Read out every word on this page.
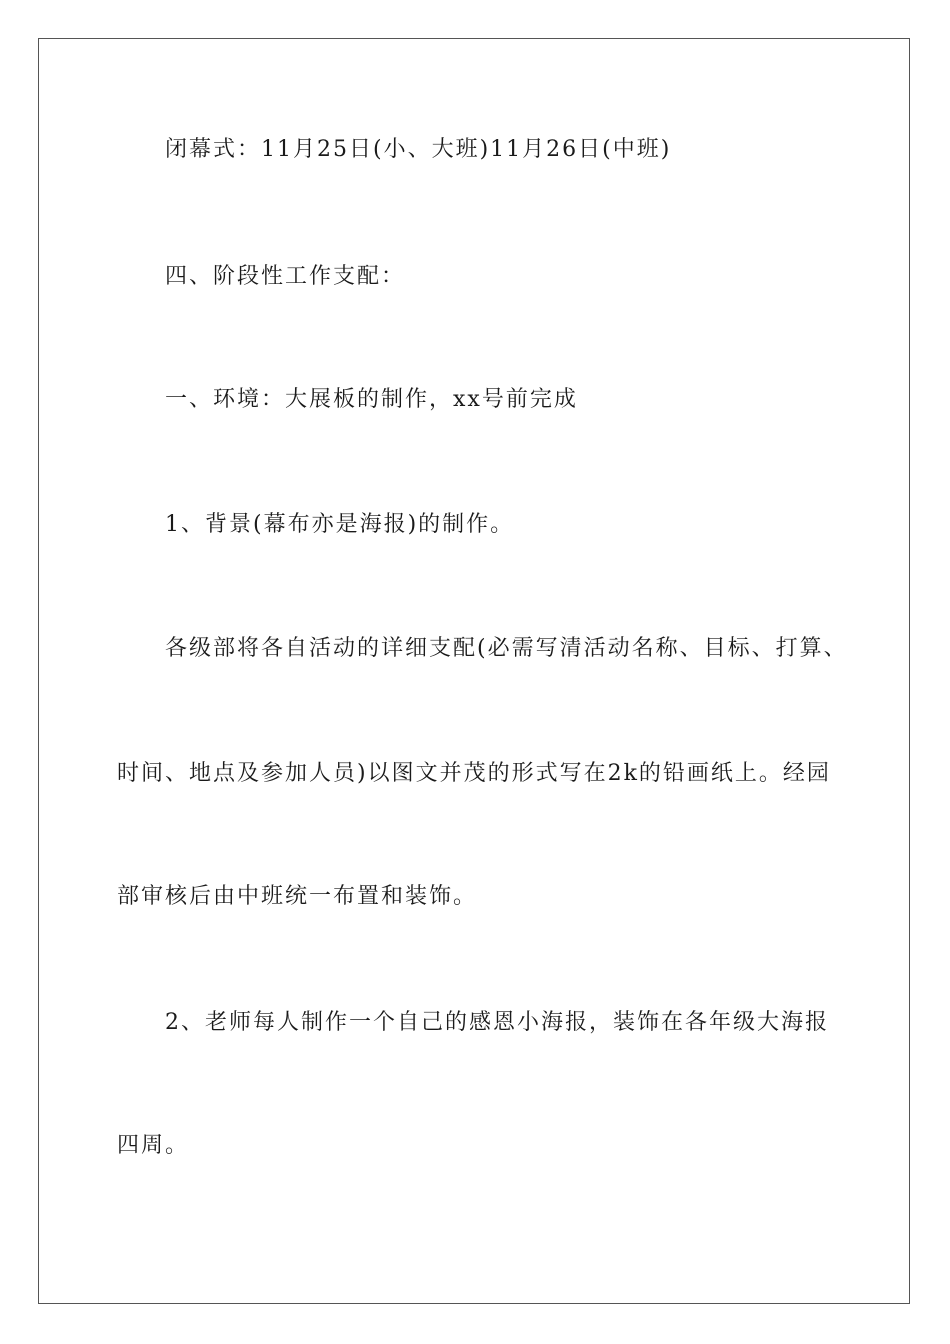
闭幕式：11月25日(小、大班)11月26日(中班)
四、阶段性工作支配：
一、环境：大展板的制作，xx号前完成
1、背景(幕布亦是海报)的制作。
各级部将各自活动的详细支配(必需写清活动名称、目标、打算、
时间、地点及参加人员)以图文并茂的形式写在2k的铅画纸上。经园
部审核后由中班统一布置和装饰。
2、老师每人制作一个自己的感恩小海报，装饰在各年级大海报
四周。
